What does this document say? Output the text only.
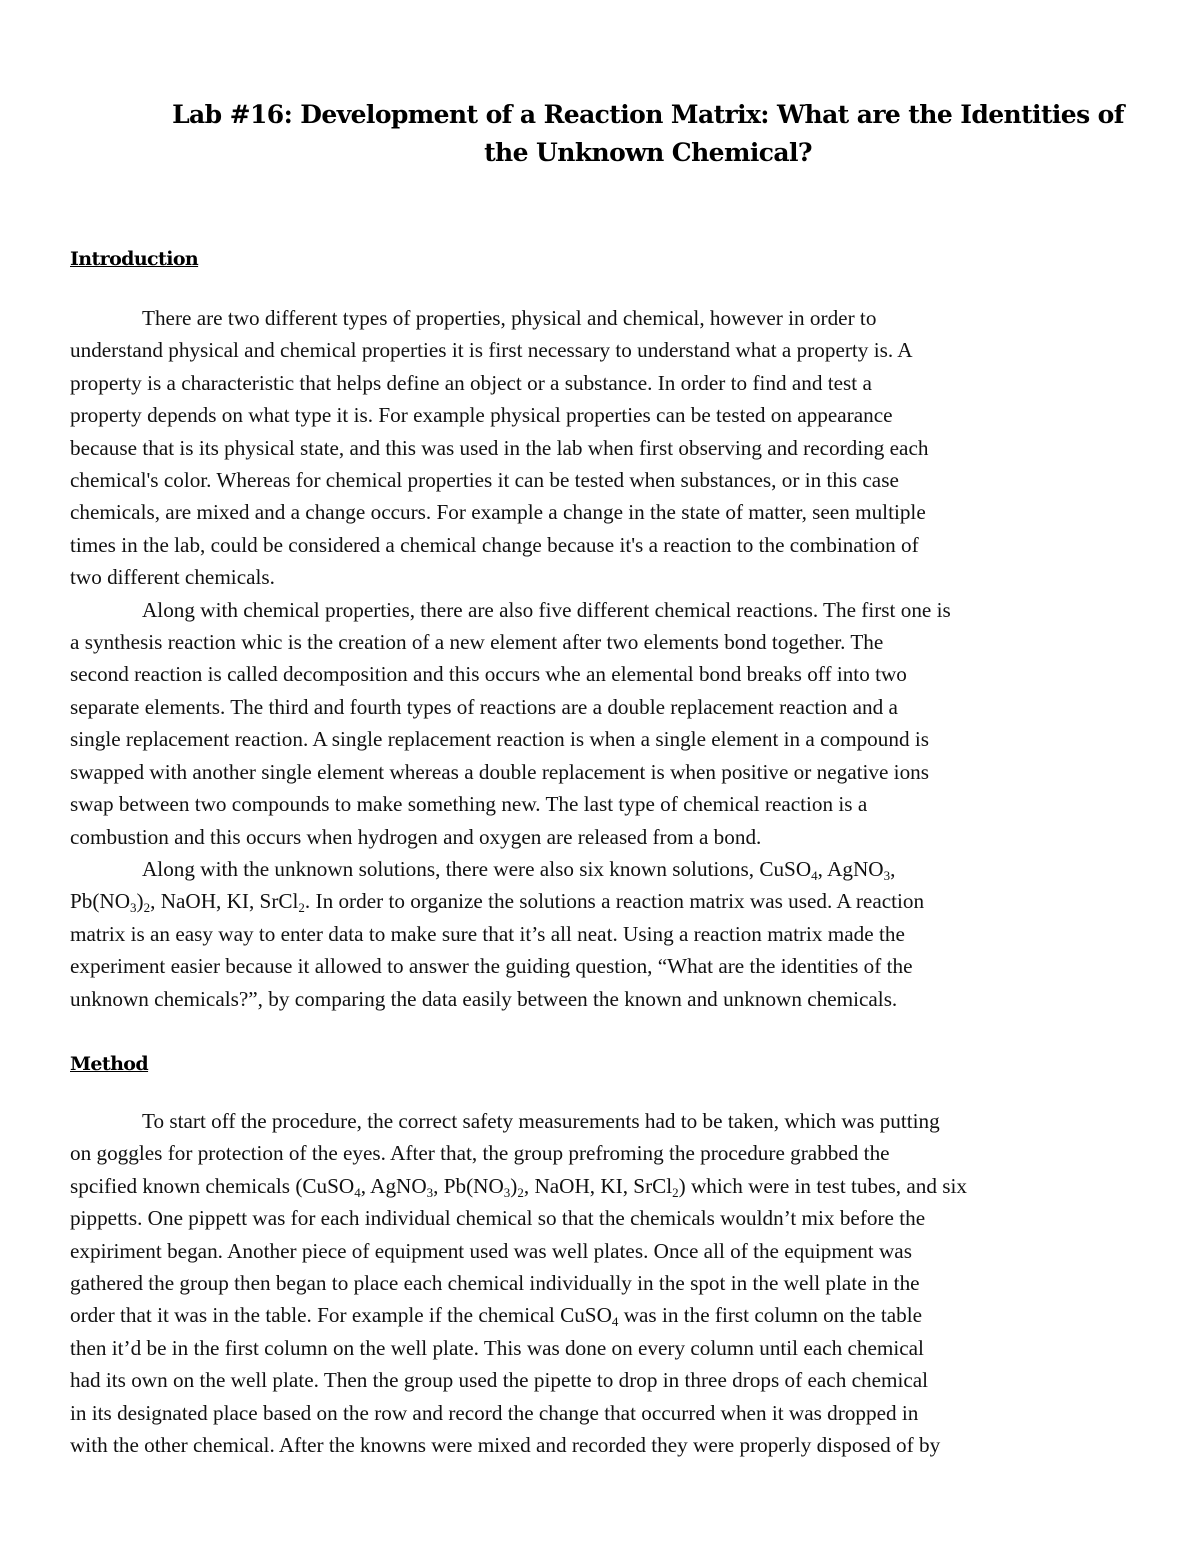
Lab #16: Development of a Reaction Matrix: What are the Identities of
the Unknown Chemical?
Introduction
There are two different types of properties, physical and chemical, however in order to
understand physical and chemical properties it is first necessary to understand what a property is. A
property is a characteristic that helps define an object or a substance. In order to find and test a
property depends on what type it is. For example physical properties can be tested on appearance
because that is its physical state, and this was used in the lab when first observing and recording each
chemical's color. Whereas for chemical properties it can be tested when substances, or in this case
chemicals, are mixed and a change occurs. For example a change in the state of matter, seen multiple
times in the lab, could be considered a chemical change because it's a reaction to the combination of
two different chemicals.
Along with chemical properties, there are also five different chemical reactions. The first one is
a synthesis reaction whic is the creation of a new element after two elements bond together. The
second reaction is called decomposition and this occurs whe an elemental bond breaks off into two
separate elements. The third and fourth types of reactions are a double replacement reaction and a
single replacement reaction. A single replacement reaction is when a single element in a compound is
swapped with another single element whereas a double replacement is when positive or negative ions
swap between two compounds to make something new. The last type of chemical reaction is a
combustion and this occurs when hydrogen and oxygen are released from a bond.
Along with the unknown solutions, there were also six known solutions, CuSO$_4$, AgNO$_3$,
$Pb(NO_3)_2$, NaOH, KI, SrCl$_2$. In order to organize the solutions a reaction matrix was used. A reaction
matrix is an easy way to enter data to make sure that it’s all neat. Using a reaction matrix made the
experiment easier because it allowed to answer the guiding question, “What are the identities of the
unknown chemicals?”, by comparing the data easily between the known and unknown chemicals.
Method
To start off the procedure, the correct safety measurements had to be taken, which was putting
on goggles for protection of the eyes. After that, the group prefroming the procedure grabbed the
spcified known chemicals (CuSO$_4$, AgNO$_3$, $Pb(NO_3)_2$, NaOH, KI, SrCl$_2$) which were in test tubes, and six
pippetts. One pippett was for each individual chemical so that the chemicals wouldn’t mix before the
expiriment began. Another piece of equipment used was well plates. Once all of the equipment was
gathered the group then began to place each chemical individually in the spot in the well plate in the
order that it was in the table. For example if the chemical CuSO$_4$ was in the first column on the table
then it’d be in the first column on the well plate. This was done on every column until each chemical
had its own on the well plate. Then the group used the pipette to drop in three drops of each chemical
in its designated place based on the row and record the change that occurred when it was dropped in
with the other chemical. After the knowns were mixed and recorded they were properly disposed of by
